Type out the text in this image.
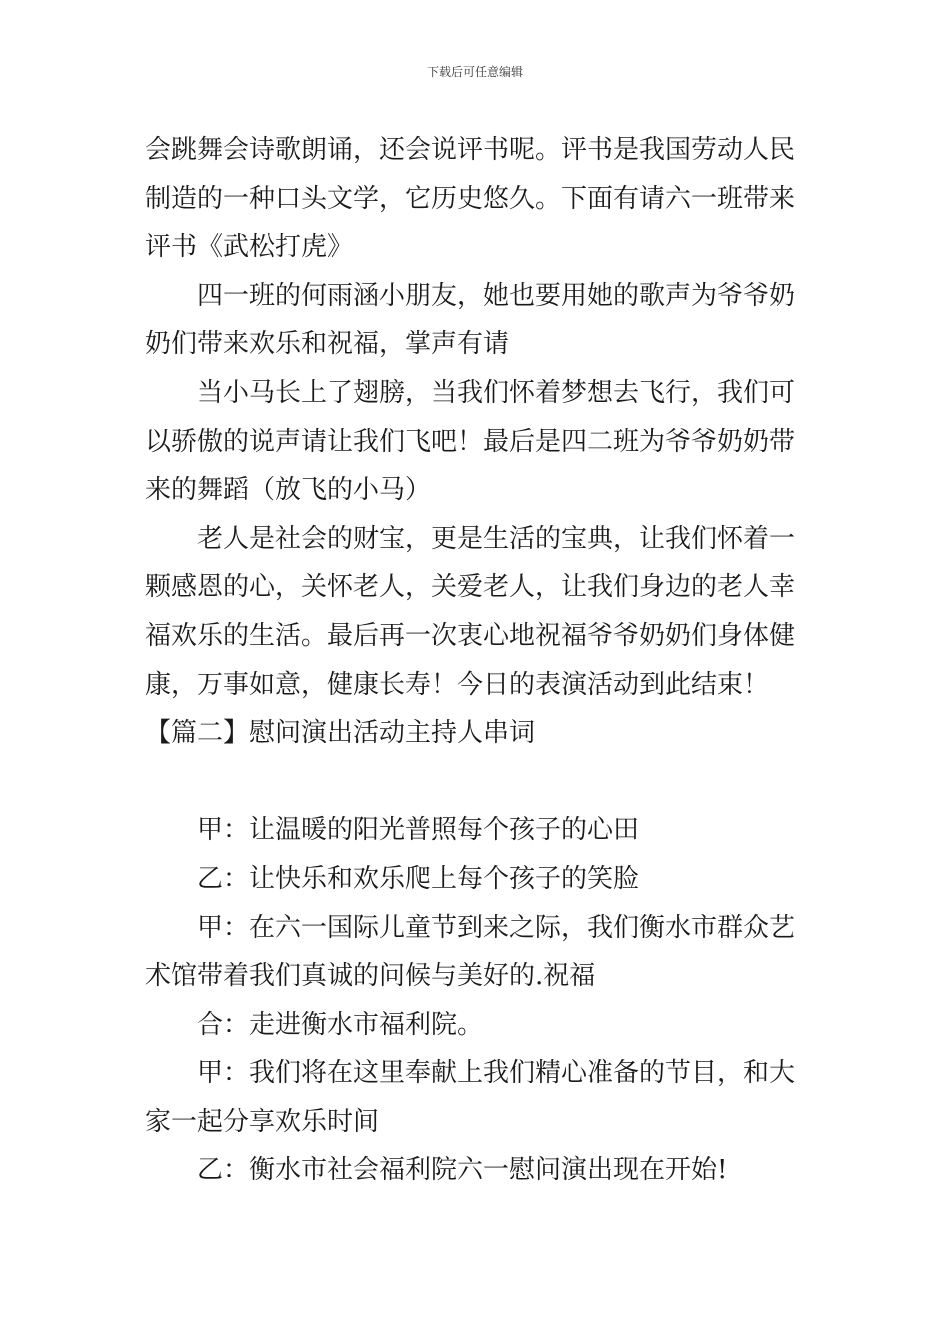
下载后可任意编辑

会跳舞会诗歌朗诵，还会说评书呢。评书是我国劳动人民制造的一种口头文学，它历史悠久。下面有请六一班带来评书《武松打虎》

四一班的何雨涵小朋友，她也要用她的歌声为爷爷奶奶们带来欢乐和祝福，掌声有请

当小马长上了翅膀，当我们怀着梦想去飞行，我们可以骄傲的说声请让我们飞吧！最后是四二班为爷爷奶奶带来的舞蹈（放飞的小马）

老人是社会的财宝，更是生活的宝典，让我们怀着一颗感恩的心，关怀老人，关爱老人，让我们身边的老人幸福欢乐的生活。最后再一次衷心地祝福爷爷奶奶们身体健康，万事如意，健康长寿！今日的表演活动到此结束！

【篇二】慰问演出活动主持人串词

甲：让温暖的阳光普照每个孩子的心田

乙：让快乐和欢乐爬上每个孩子的笑脸

甲：在六一国际儿童节到来之际，我们衡水市群众艺术馆带着我们真诚的问候与美好的.祝福

合：走进衡水市福利院。

甲：我们将在这里奉献上我们精心准备的节目，和大家一起分享欢乐时间

乙：衡水市社会福利院六一慰问演出现在开始!
